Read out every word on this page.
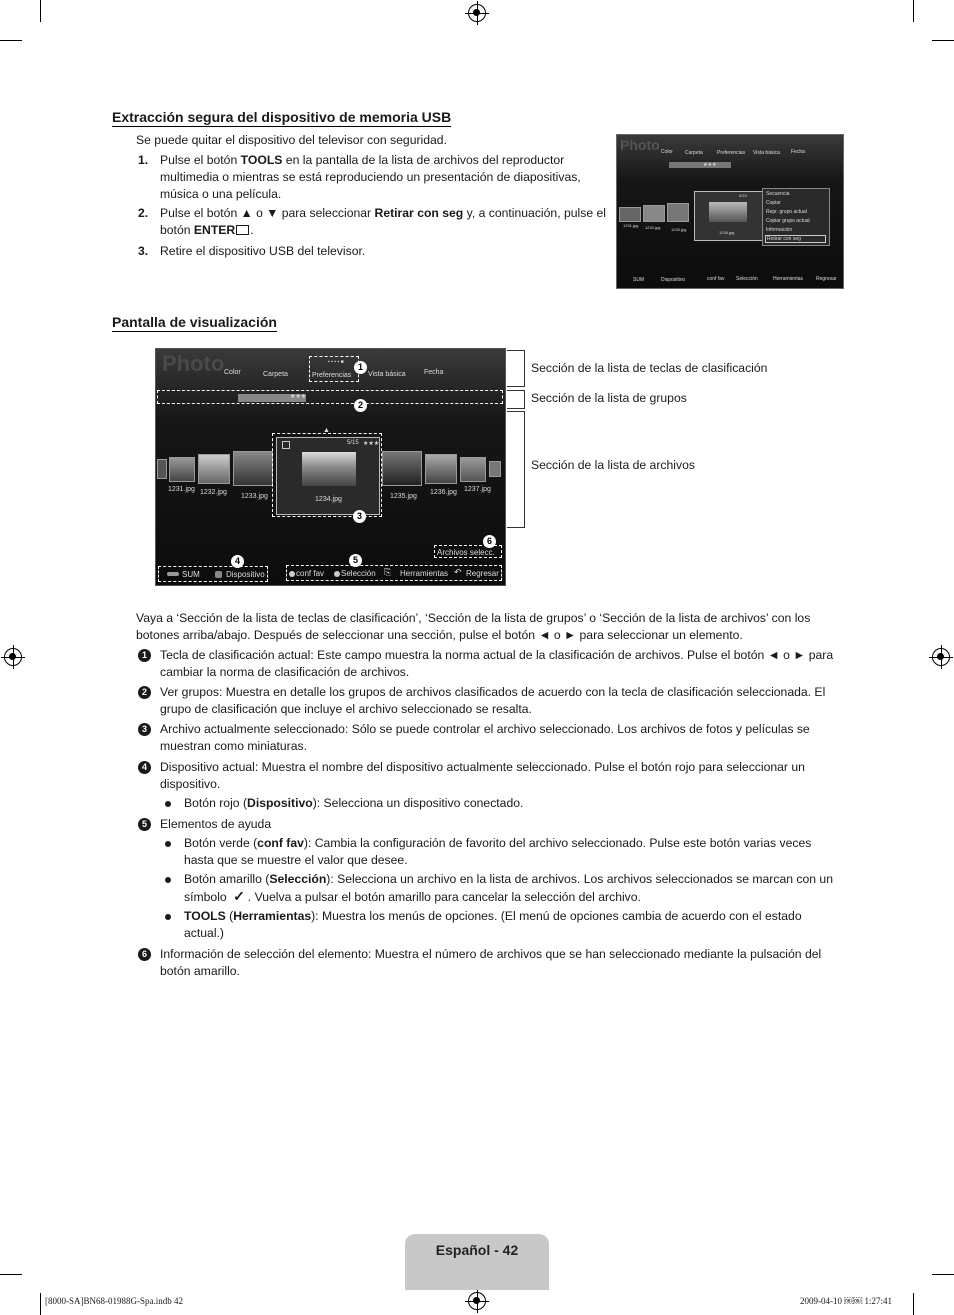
Extracción segura del dispositivo de memoria USB
Se puede quitar el dispositivo del televisor con seguridad.
1. Pulse el botón TOOLS en la pantalla de la lista de archivos del reproductor multimedia o mientras se está reproduciendo un presentación de diapositivas, música o una película.
2. Pulse el botón ▲ o ▼ para seleccionar Retirar con seg y, a continuación, pulse el botón ENTER .
3. Retire el dispositivo USB del televisor.
Photo Color Carpeta	Preferencias Vista básica Fecha
★★★
1231.jpg 1232.jpg	1233.jpg
1234.jpg
5/15	Secuencia
Copiar
Repr. grupo actual
Copiar grupo actual
Información
Retirar con seg
SUM	Dispositivo	conf fav Selección	Herramientas	Regresar
Pantalla de visualización
Photo Color	Carpeta
▪ ▪ ▪ ▪ ■
Preferencias Vista básica	Fecha
1
★★★
2
1231.jpg 1232.jpg
1233.jpg
▲
5/15 ★★★
1234.jpg
3
1235.jpg
1236.jpg 1237.jpg
6
Archivos selecc.
4
SUM	Dispositivo
5
conf fav Selección ⎘ Herramientas ↶ Regresar
Sección de la lista de teclas de clasificación
Sección de la lista de grupos
Sección de la lista de archivos
Vaya a ‘Sección de la lista de teclas de clasificación’, ‘Sección de la lista de grupos’ o ‘Sección de la lista de archivos’ con los botones arriba/abajo. Después de seleccionar una sección, pulse el botón ◄ o ► para seleccionar un elemento.
1	Tecla de clasificación actual: Este campo muestra la norma actual de la clasificación de archivos. Pulse el botón ◄ o ► para cambiar la norma de clasificación de archivos.
2	Ver grupos: Muestra en detalle los grupos de archivos clasificados de acuerdo con la tecla de clasificación seleccionada. El grupo de clasificación que incluye el archivo seleccionado se resalta.
3	Archivo actualmente seleccionado: Sólo se puede controlar el archivo seleccionado. Los archivos de fotos y películas se muestran como miniaturas.
4	Dispositivo actual: Muestra el nombre del dispositivo actualmente seleccionado. Pulse el botón rojo para seleccionar un dispositivo.
Botón rojo (Dispositivo): Selecciona un dispositivo conectado.
5	Elementos de ayuda
Botón verde (conf fav): Cambia la configuración de favorito del archivo seleccionado. Pulse este botón varias veces hasta que se muestre el valor que desee.
Botón amarillo (Selección): Selecciona un archivo en la lista de archivos. Los archivos seleccionados se marcan con un símbolo ✓ . Vuelva a pulsar el botón amarillo para cancelar la selección del archivo.
TOOLS (Herramientas): Muestra los menús de opciones. (El menú de opciones cambia de acuerdo con el estado actual.)
6	Información de selección del elemento: Muestra el número de archivos que se han seleccionado mediante la pulsación del botón amarillo.
Español - 42
[8000-SA]BN68-01988G-Spa.indb 42	2009-04-10 ￼￼ 1:27:41
